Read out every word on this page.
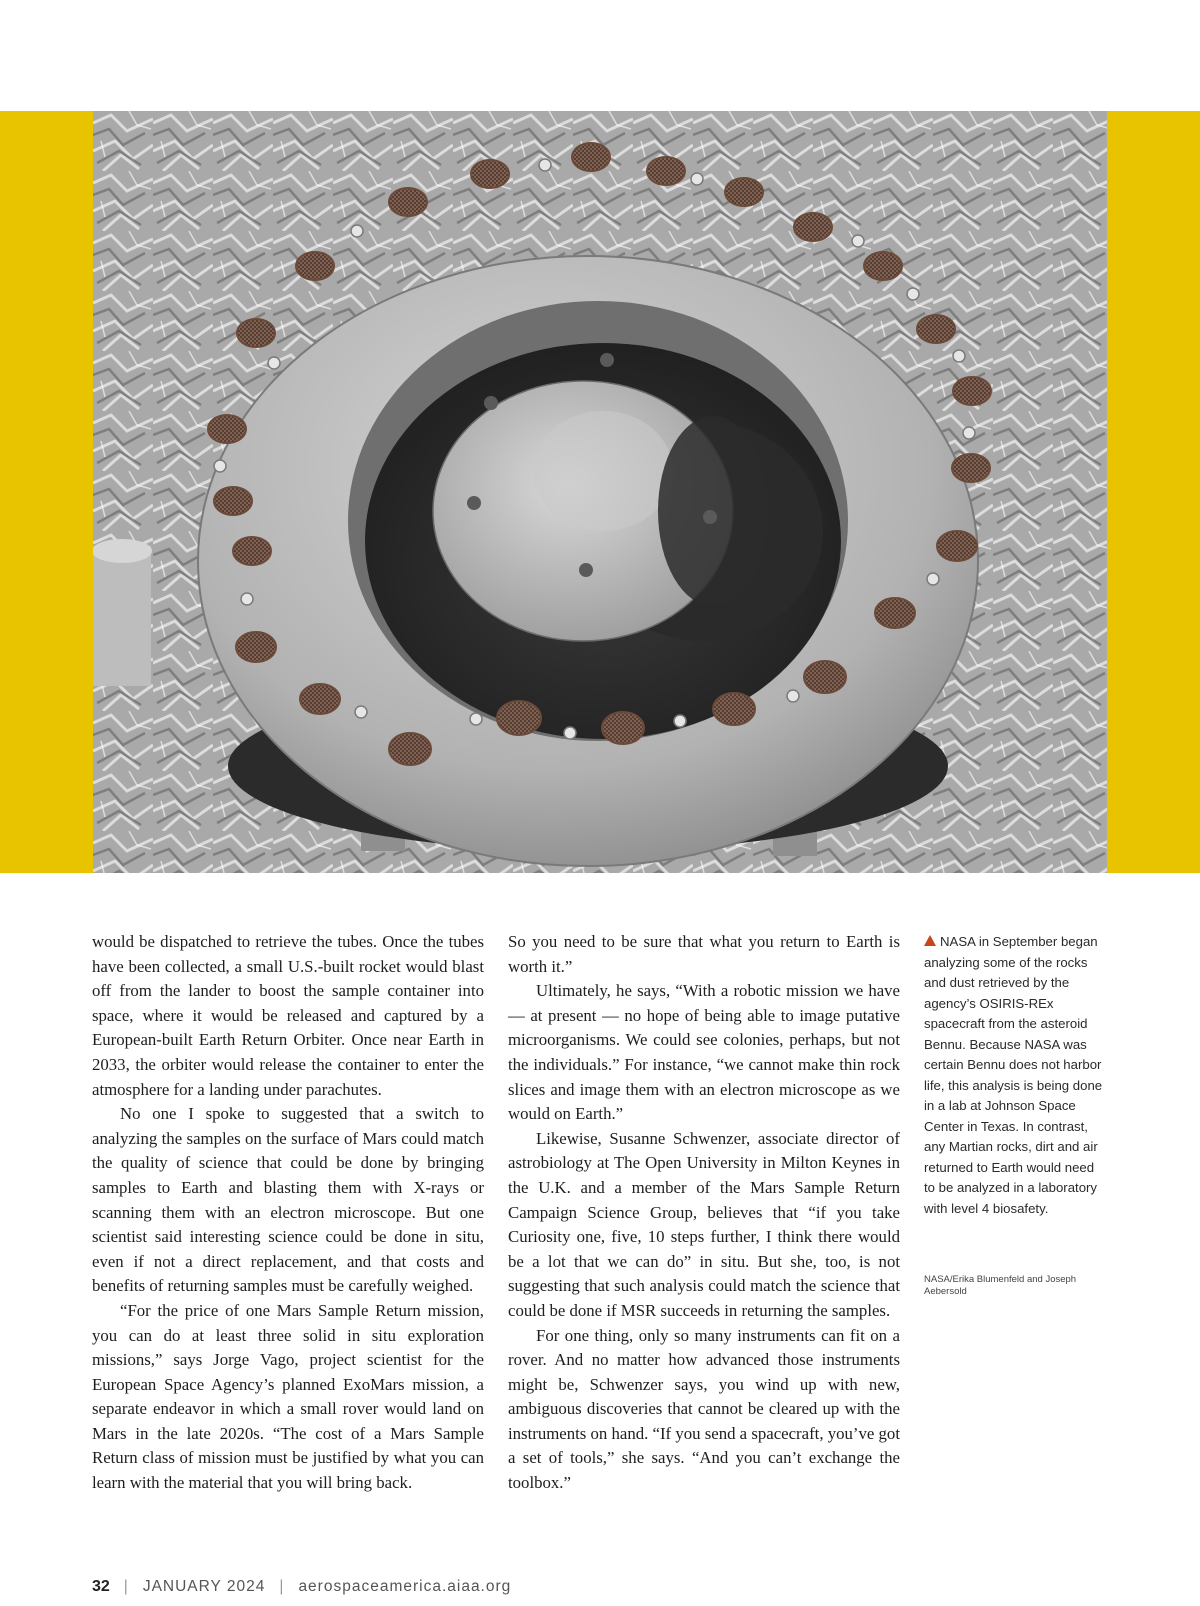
would be dispatched to retrieve the tubes. Once the tubes have been collected, a small U.S.-built rocket would blast off from the lander to boost the sample container into space, where it would be released and captured by a European-built Earth Return Orbiter. Once near Earth in 2033, the orbiter would release the container to enter the atmosphere for a landing under parachutes.

No one I spoke to suggested that a switch to analyzing the samples on the surface of Mars could match the quality of science that could be done by bringing samples to Earth and blasting them with X-rays or scanning them with an electron microscope. But one scientist said interesting science could be done in situ, even if not a direct replacement, and that costs and benefits of returning samples must be carefully weighed.

“For the price of one Mars Sample Return mission, you can do at least three solid in situ exploration missions,” says Jorge Vago, project scientist for the European Space Agency’s planned ExoMars mission, a separate endeavor in which a small rover would land on Mars in the late 2020s. “The cost of a Mars Sample Return class of mission must be justified by what you can learn with the material that you will bring back.

So you need to be sure that what you return to Earth is worth it.”

Ultimately, he says, “With a robotic mission we have — at present — no hope of being able to image putative microorganisms. We could see colonies, perhaps, but not the individuals.” For instance, “we cannot make thin rock slices and image them with an electron microscope as we would on Earth.”

Likewise, Susanne Schwenzer, associate director of astrobiology at The Open University in Milton Keynes in the U.K. and a member of the Mars Sample Return Campaign Science Group, believes that “if you take Curiosity one, five, 10 steps further, I think there would be a lot that we can do” in situ. But she, too, is not suggesting that such analysis could match the science that could be done if MSR succeeds in returning the samples.

For one thing, only so many instruments can fit on a rover. And no matter how advanced those instruments might be, Schwenzer says, you wind up with new, ambiguous discoveries that cannot be cleared up with the instruments on hand. “If you send a spacecraft, you’ve got a set of tools,” she says. “And you can’t exchange the toolbox.”

NASA in September began analyzing some of the rocks and dust retrieved by the agency’s OSIRIS-REx spacecraft from the asteroid Bennu. Because NASA was certain Bennu does not harbor life, this analysis is being done in a lab at Johnson Space Center in Texas. In contrast, any Martian rocks, dirt and air returned to Earth would need to be analyzed in a laboratory with level 4 biosafety.
NASA/Erika Blumenfeld and Joseph Aebersold
32 | JANUARY 2024 | aerospaceamerica.aiaa.org
